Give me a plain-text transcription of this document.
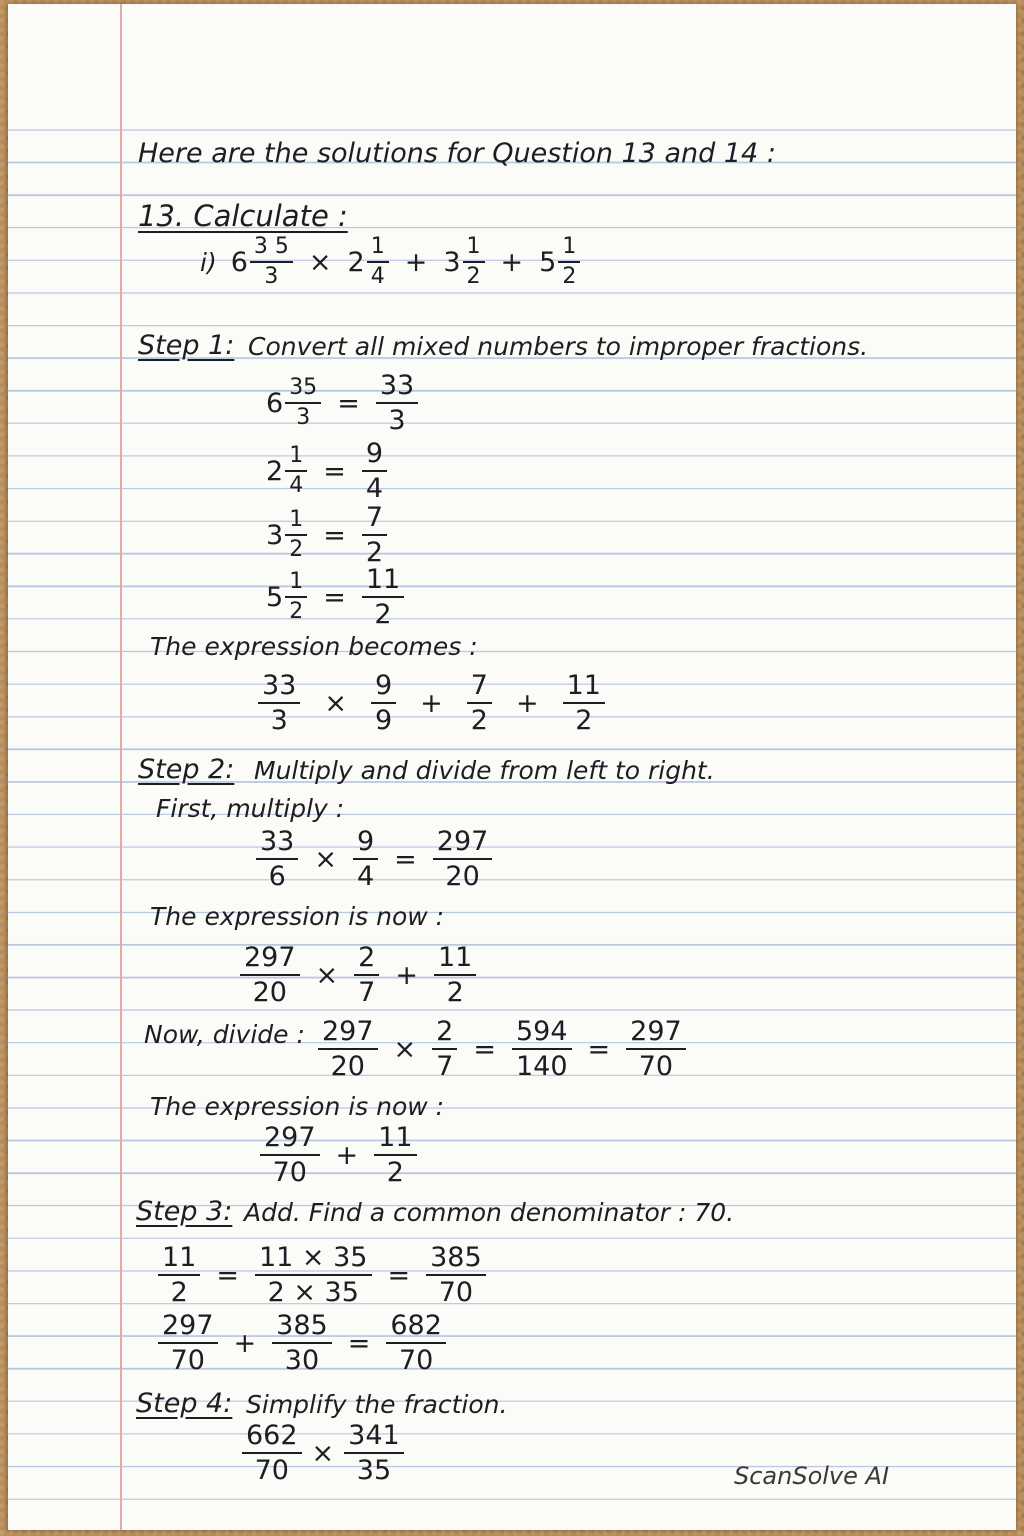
Here are the solutions for Question 13 and 14 :
13. Calculate :
i) $6 \frac{3 5}{3} \times 2 \frac{1}{4} + 3 \frac{1}{2} + 5 \frac{1}{2}$
Step 1: Convert all mixed numbers to improper fractions.
$6 \frac{35}{3} = \frac{33}{3}$
$2 \frac{1}{4} = \frac{9}{4}$
$3 \frac{1}{2} = \frac{7}{2}$
$5 \frac{1}{2} = \frac{11}{2}$
The expression becomes :
$\frac{33}{3} \times \frac{9}{9} + \frac{7}{2} + \frac{11}{2}$
Step 2: Multiply and divide from left to right.
First, multiply :
$\frac{33}{6} \times \frac{9}{4} = \frac{297}{20}$
The expression is now :
$\frac{297}{20} \times \frac{2}{7} + \frac{11}{2}$
Now, divide : $\frac{297}{20} \times \frac{2}{7} = \frac{594}{140} = \frac{297}{70}$
The expression is now :
$\frac{297}{70} + \frac{11}{2}$
Step 3: Add. Find a common denominator : 70.
$\frac{11}{2} = \frac{11 \times 35}{2 \times 35} = \frac{385}{70}$
$\frac{297}{70} + \frac{385}{30} = \frac{682}{70}$
Step 4: Simplify the fraction.
$\frac{662}{70} \times \frac{341}{35}$	ScanSolve AI
